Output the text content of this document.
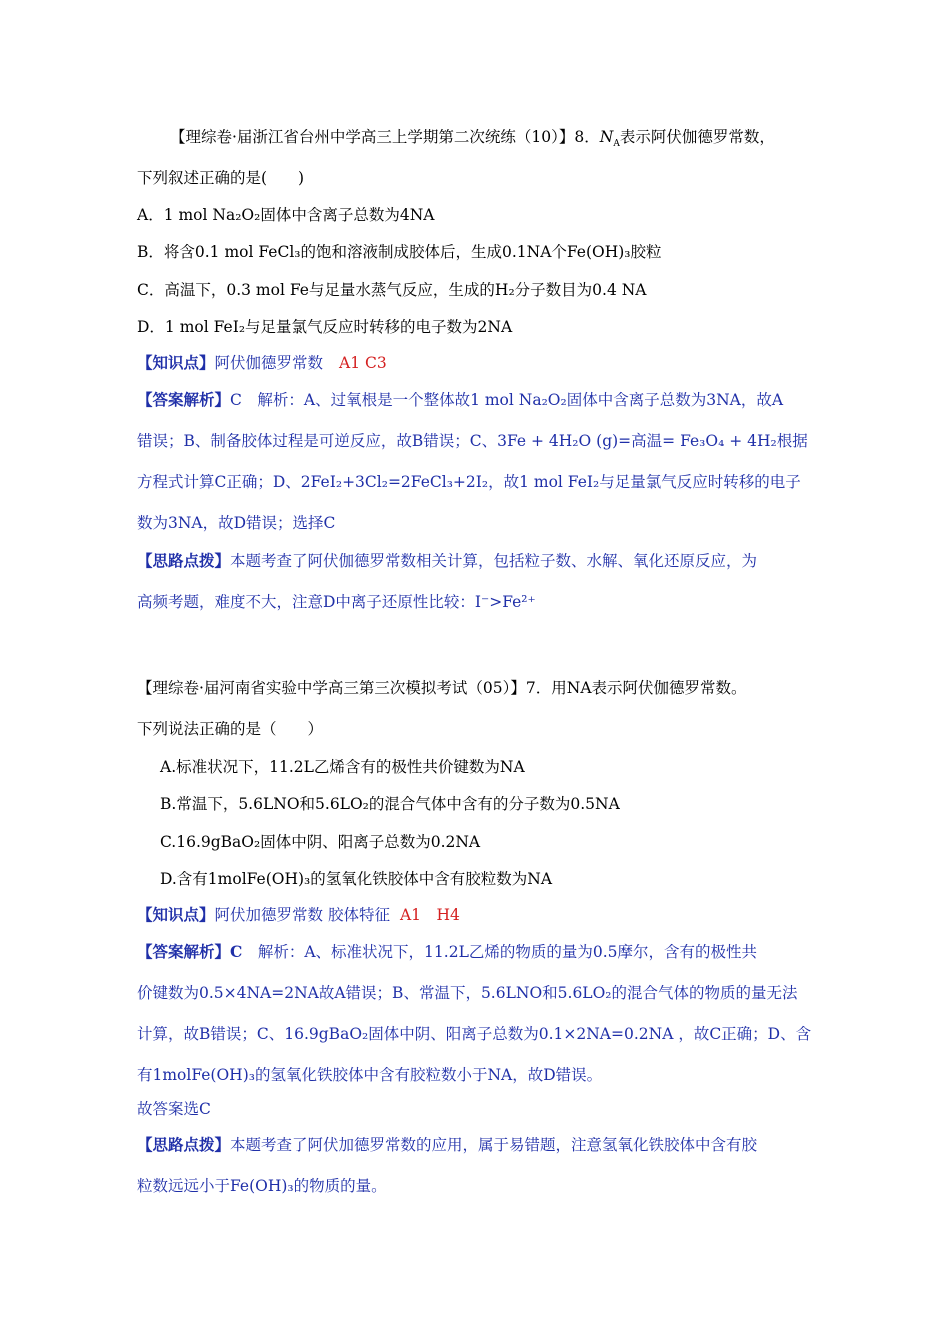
【理综卷·届浙江省台州中学高三上学期第二次统练（10）】8．$N_A$表示阿伏伽德罗常数，
下列叙述正确的是(　　)
A．1 mol Na₂O₂固体中含离子总数为4NA
B．将含0.1 mol FeCl₃的饱和溶液制成胶体后，生成0.1NA个Fe(OH)₃胶粒
C．高温下，0.3 mol Fe与足量水蒸气反应，生成的H₂分子数目为0.4 NA
D．1 mol FeI₂与足量氯气反应时转移的电子数为2NA
【知识点】阿伏伽德罗常数 A1 C3
【答案解析】C　解析：A、过氧根是一个整体故1 mol Na₂O₂固体中含离子总数为3NA，故A
错误；B、制备胶体过程是可逆反应，故B错误；C、3Fe + 4H₂O (g)=高温= Fe₃O₄ + 4H₂根据
方程式计算C正确；D、2FeI₂+3Cl₂=2FeCl₃+2I₂，故1 mol FeI₂与足量氯气反应时转移的电子
数为3NA，故D错误；选择C
【思路点拨】本题考查了阿伏伽德罗常数相关计算，包括粒子数、水解、氧化还原反应，为
高频考题，难度不大，注意D中离子还原性比较：I⁻>Fe²⁺
【理综卷·届河南省实验中学高三第三次模拟考试（05）】7．用NA表示阿伏伽德罗常数。
下列说法正确的是（　　）
A.标准状况下，11.2L乙烯含有的极性共价键数为NA
B.常温下，5.6LNO和5.6LO₂的混合气体中含有的分子数为0.5NA
C.16.9gBaO₂固体中阴、阳离子总数为0.2NA
D.含有1molFe(OH)₃的氢氧化铁胶体中含有胶粒数为NA
【知识点】阿伏加德罗常数 胶体特征 A1　H4
【答案解析】C　解析：A、标准状况下，11.2L乙烯的物质的量为0.5摩尔，含有的极性共
价键数为0.5×4NA=2NA故A错误；B、常温下，5.6LNO和5.6LO₂的混合气体的物质的量无法
计算，故B错误；C、16.9gBaO₂固体中阴、阳离子总数为0.1×2NA=0.2NA ，故C正确；D、含
有1molFe(OH)₃的氢氧化铁胶体中含有胶粒数小于NA，故D错误。
故答案选C
【思路点拨】本题考查了阿伏加德罗常数的应用，属于易错题，注意氢氧化铁胶体中含有胶
粒数远远小于Fe(OH)₃的物质的量。
